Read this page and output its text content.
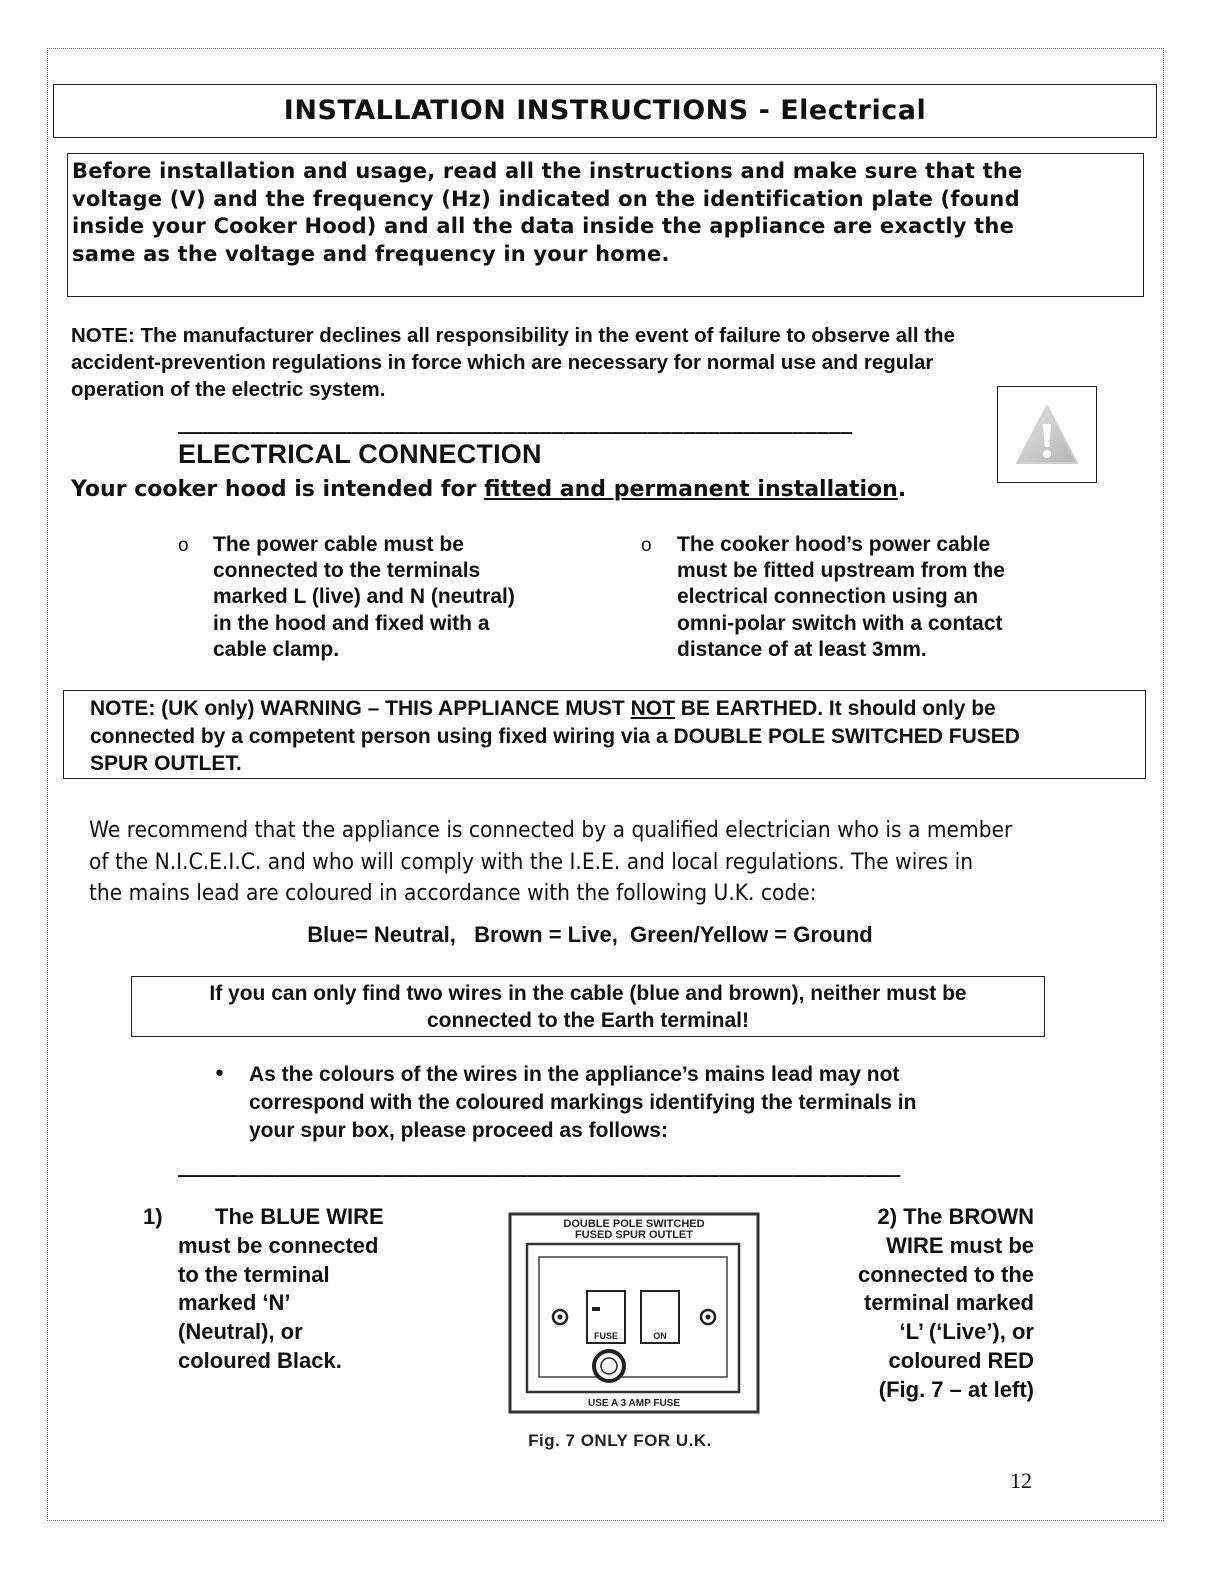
INSTALLATION INSTRUCTIONS - Electrical
Before installation and usage, read all the instructions and make sure that the
voltage (V) and the frequency (Hz) indicated on the identification plate (found
inside your Cooker Hood) and all the data inside the appliance are exactly the
same as the voltage and frequency in your home.
NOTE: The manufacturer declines all responsibility in the event of failure to observe all the
accident-prevention regulations in force which are necessary for normal use and regular
operation of the electric system.
________________________________________________________
ELECTRICAL CONNECTION
Your cooker hood is intended for fitted and permanent installation.
o The power cable must be
connected to the terminals
marked L (live) and N (neutral)
in the hood and fixed with a
cable clamp.
o The cooker hood’s power cable
must be fitted upstream from the
electrical connection using an
omni-polar switch with a contact
distance of at least 3mm.
NOTE: (UK only) WARNING – THIS APPLIANCE MUST NOT BE EARTHED. It should only be
connected by a competent person using fixed wiring via a DOUBLE POLE SWITCHED FUSED
SPUR OUTLET.
We recommend that the appliance is connected by a qualified electrician who is a member
of the N.I.C.E.I.C. and who will comply with the I.E.E. and local regulations. The wires in
the mains lead are coloured in accordance with the following U.K. code:
Blue= Neutral,   Brown = Live,  Green/Yellow = Ground
If you can only find two wires in the cable (blue and brown), neither must be
connected to the Earth terminal!
• As the colours of the wires in the appliance’s mains lead may not
correspond with the coloured markings identifying the terminals in
your spur box, please proceed as follows:
____________________________________________________________
1)	The BLUE WIRE
must be connected
to the terminal
marked ‘N’
(Neutral), or
coloured Black.
2) The BROWN
WIRE must be
connected to the
terminal marked
‘L’ (‘Live’), or
coloured RED
(Fig. 7 – at left)
DOUBLE POLE SWITCHED
FUSED SPUR OUTLET
FUSE	ON
USE A 3 AMP FUSE
Fig. 7 ONLY FOR U.K.
12
